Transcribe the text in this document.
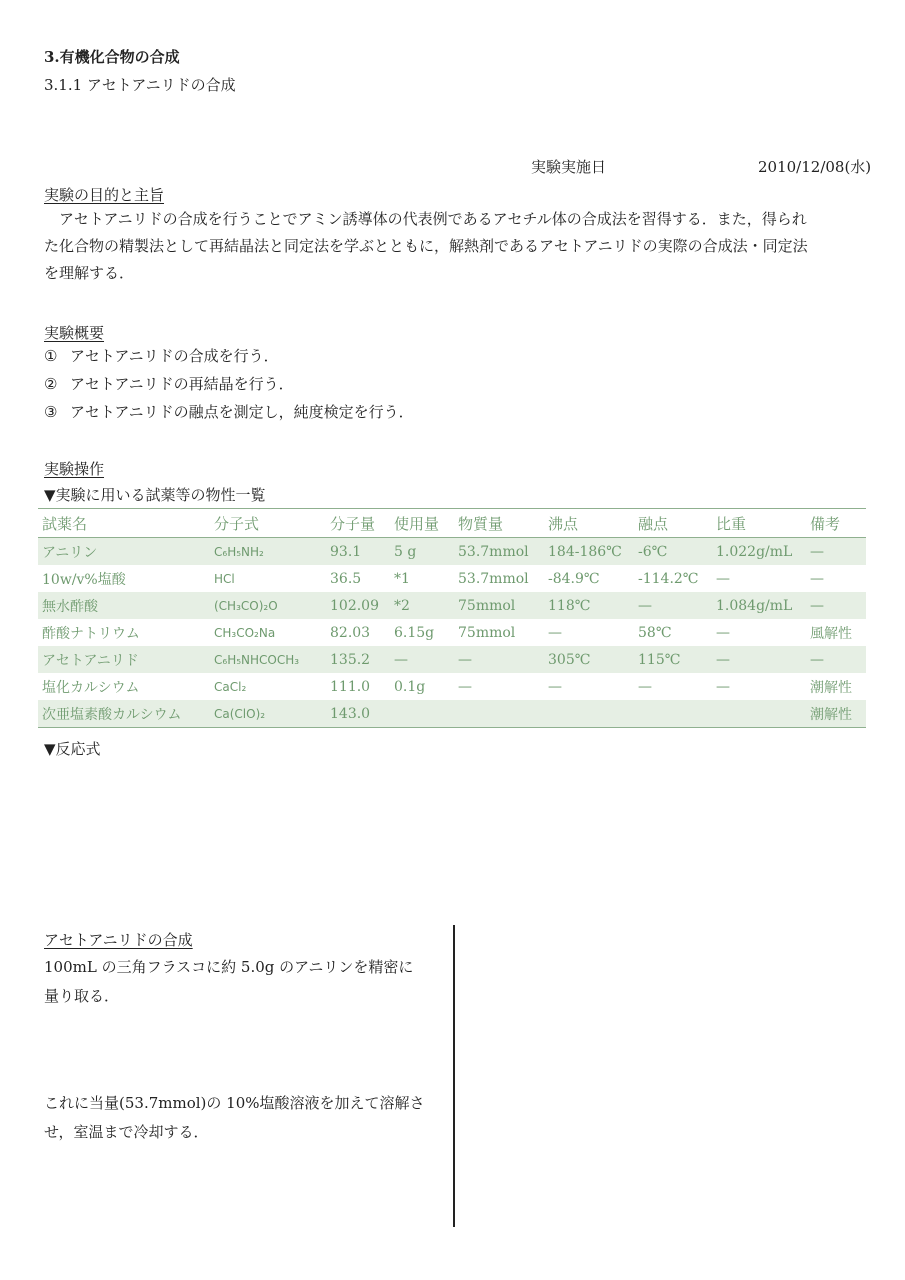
3.有機化合物の合成
3.1.1 アセトアニリドの合成
実験実施日	2010/12/08(水)
実験の目的と主旨
　アセトアニリドの合成を行うことでアミン誘導体の代表例であるアセチル体の合成法を習得する．また，得られ
た化合物の精製法として再結晶法と同定法を学ぶとともに，解熱剤であるアセトアニリドの実際の合成法・同定法
を理解する．
実験概要
① アセトアニリドの合成を行う．
② アセトアニリドの再結晶を行う．
③ アセトアニリドの融点を測定し，純度検定を行う．
実験操作
▼実験に用いる試薬等の物性一覧
試薬名	分子式	分子量	使用量	物質量	沸点	融点	比重	備考
アニリン	C₆H₅NH₂	93.1	5 g	53.7mmol	184-186℃	-6℃	1.022g/mL	—
10w/v%塩酸	HCl	36.5	*1	53.7mmol	-84.9℃	-114.2℃	—	—
無水酢酸	(CH₃CO)₂O	102.09	*2	75mmol	118℃	—	1.084g/mL	—
酢酸ナトリウム	CH₃CO₂Na	82.03	6.15g	75mmol	—	58℃	—	風解性
アセトアニリド	C₆H₅NHCOCH₃	135.2	—	—	305℃	115℃	—	—
塩化カルシウム	CaCl₂	111.0	0.1g	—	—	—	—	潮解性
次亜塩素酸カルシウム	Ca(ClO)₂	143.0						潮解性
▼反応式
アセトアニリドの合成
100mL の三角フラスコに約 5.0g のアニリンを精密に
量り取る．
これに当量(53.7mmol)の 10%塩酸溶液を加えて溶解さ
せ，室温まで冷却する．
